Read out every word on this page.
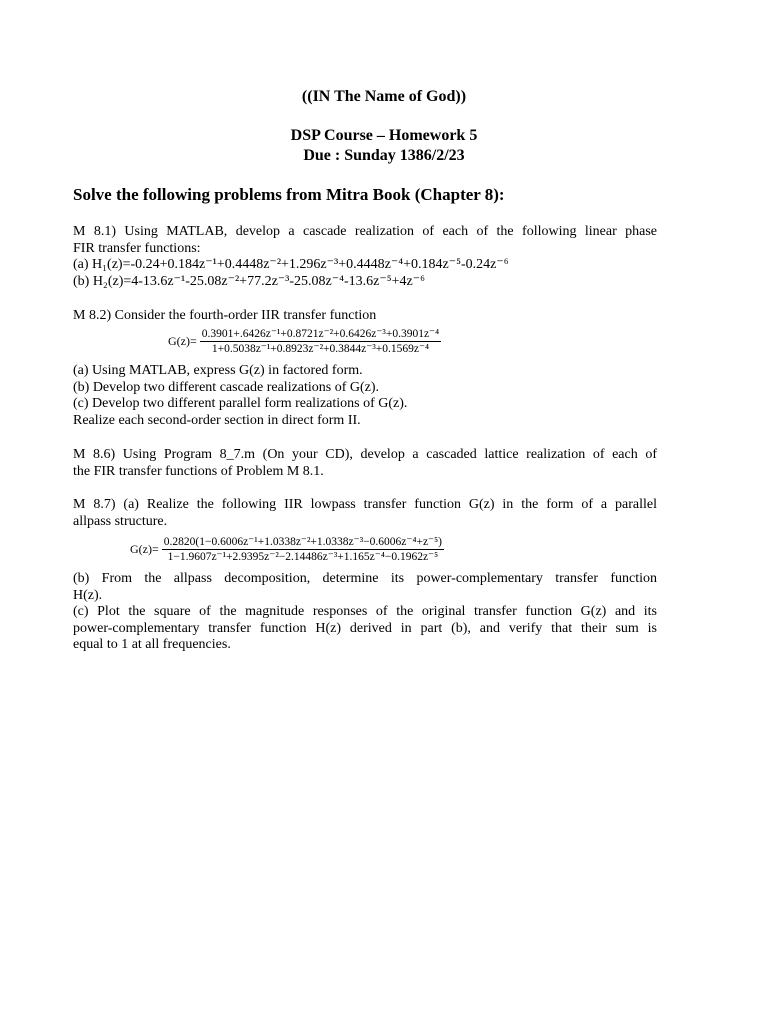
((IN The Name of God))
DSP Course – Homework 5
Due : Sunday 1386/2/23
Solve the following problems from Mitra Book (Chapter 8):
M 8.1) Using MATLAB, develop a cascade realization of each of the following linear phase
FIR transfer functions:
(a) H₁(z)=-0.24+0.184z⁻¹+0.4448z⁻²+1.296z⁻³+0.4448z⁻⁴+0.184z⁻⁵-0.24z⁻⁶
(b) H₂(z)=4-13.6z⁻¹-25.08z⁻²+77.2z⁻³-25.08z⁻⁴-13.6z⁻⁵+4z⁻⁶
M 8.2) Consider the fourth-order IIR transfer function
$G(z)= \frac{\text{0.3901+.6426z⁻¹+0.8721z⁻²+0.6426z⁻³+0.3901z⁻⁴}}{\text{1+0.5038z⁻¹+0.8923z⁻²+0.3844z⁻³+0.1569z⁻⁴}}$
(a) Using MATLAB, express G(z) in factored form.
(b) Develop two different cascade realizations of G(z).
(c) Develop two different parallel form realizations of G(z).
Realize each second-order section in direct form II.
M 8.6) Using Program 8_7.m (On your CD), develop a cascaded lattice realization of each of
the FIR transfer functions of Problem M 8.1.
M 8.7) (a) Realize the following IIR lowpass transfer function G(z) in the form of a parallel
allpass structure.
$G(z)= \frac{\text{0.2820(1−0.6006z⁻¹+1.0338z⁻²+1.0338z⁻³−0.6006z⁻⁴+z⁻⁵)}}{\text{1−1.9607z⁻¹+2.9395z⁻²−2.14486z⁻³+1.165z⁻⁴−0.1962z⁻⁵}}$
(b) From the allpass decomposition, determine its power-complementary transfer function
H(z).
(c) Plot the square of the magnitude responses of the original transfer function G(z) and its
power-complementary transfer function H(z) derived in part (b), and verify that their sum is
equal to 1 at all frequencies.
